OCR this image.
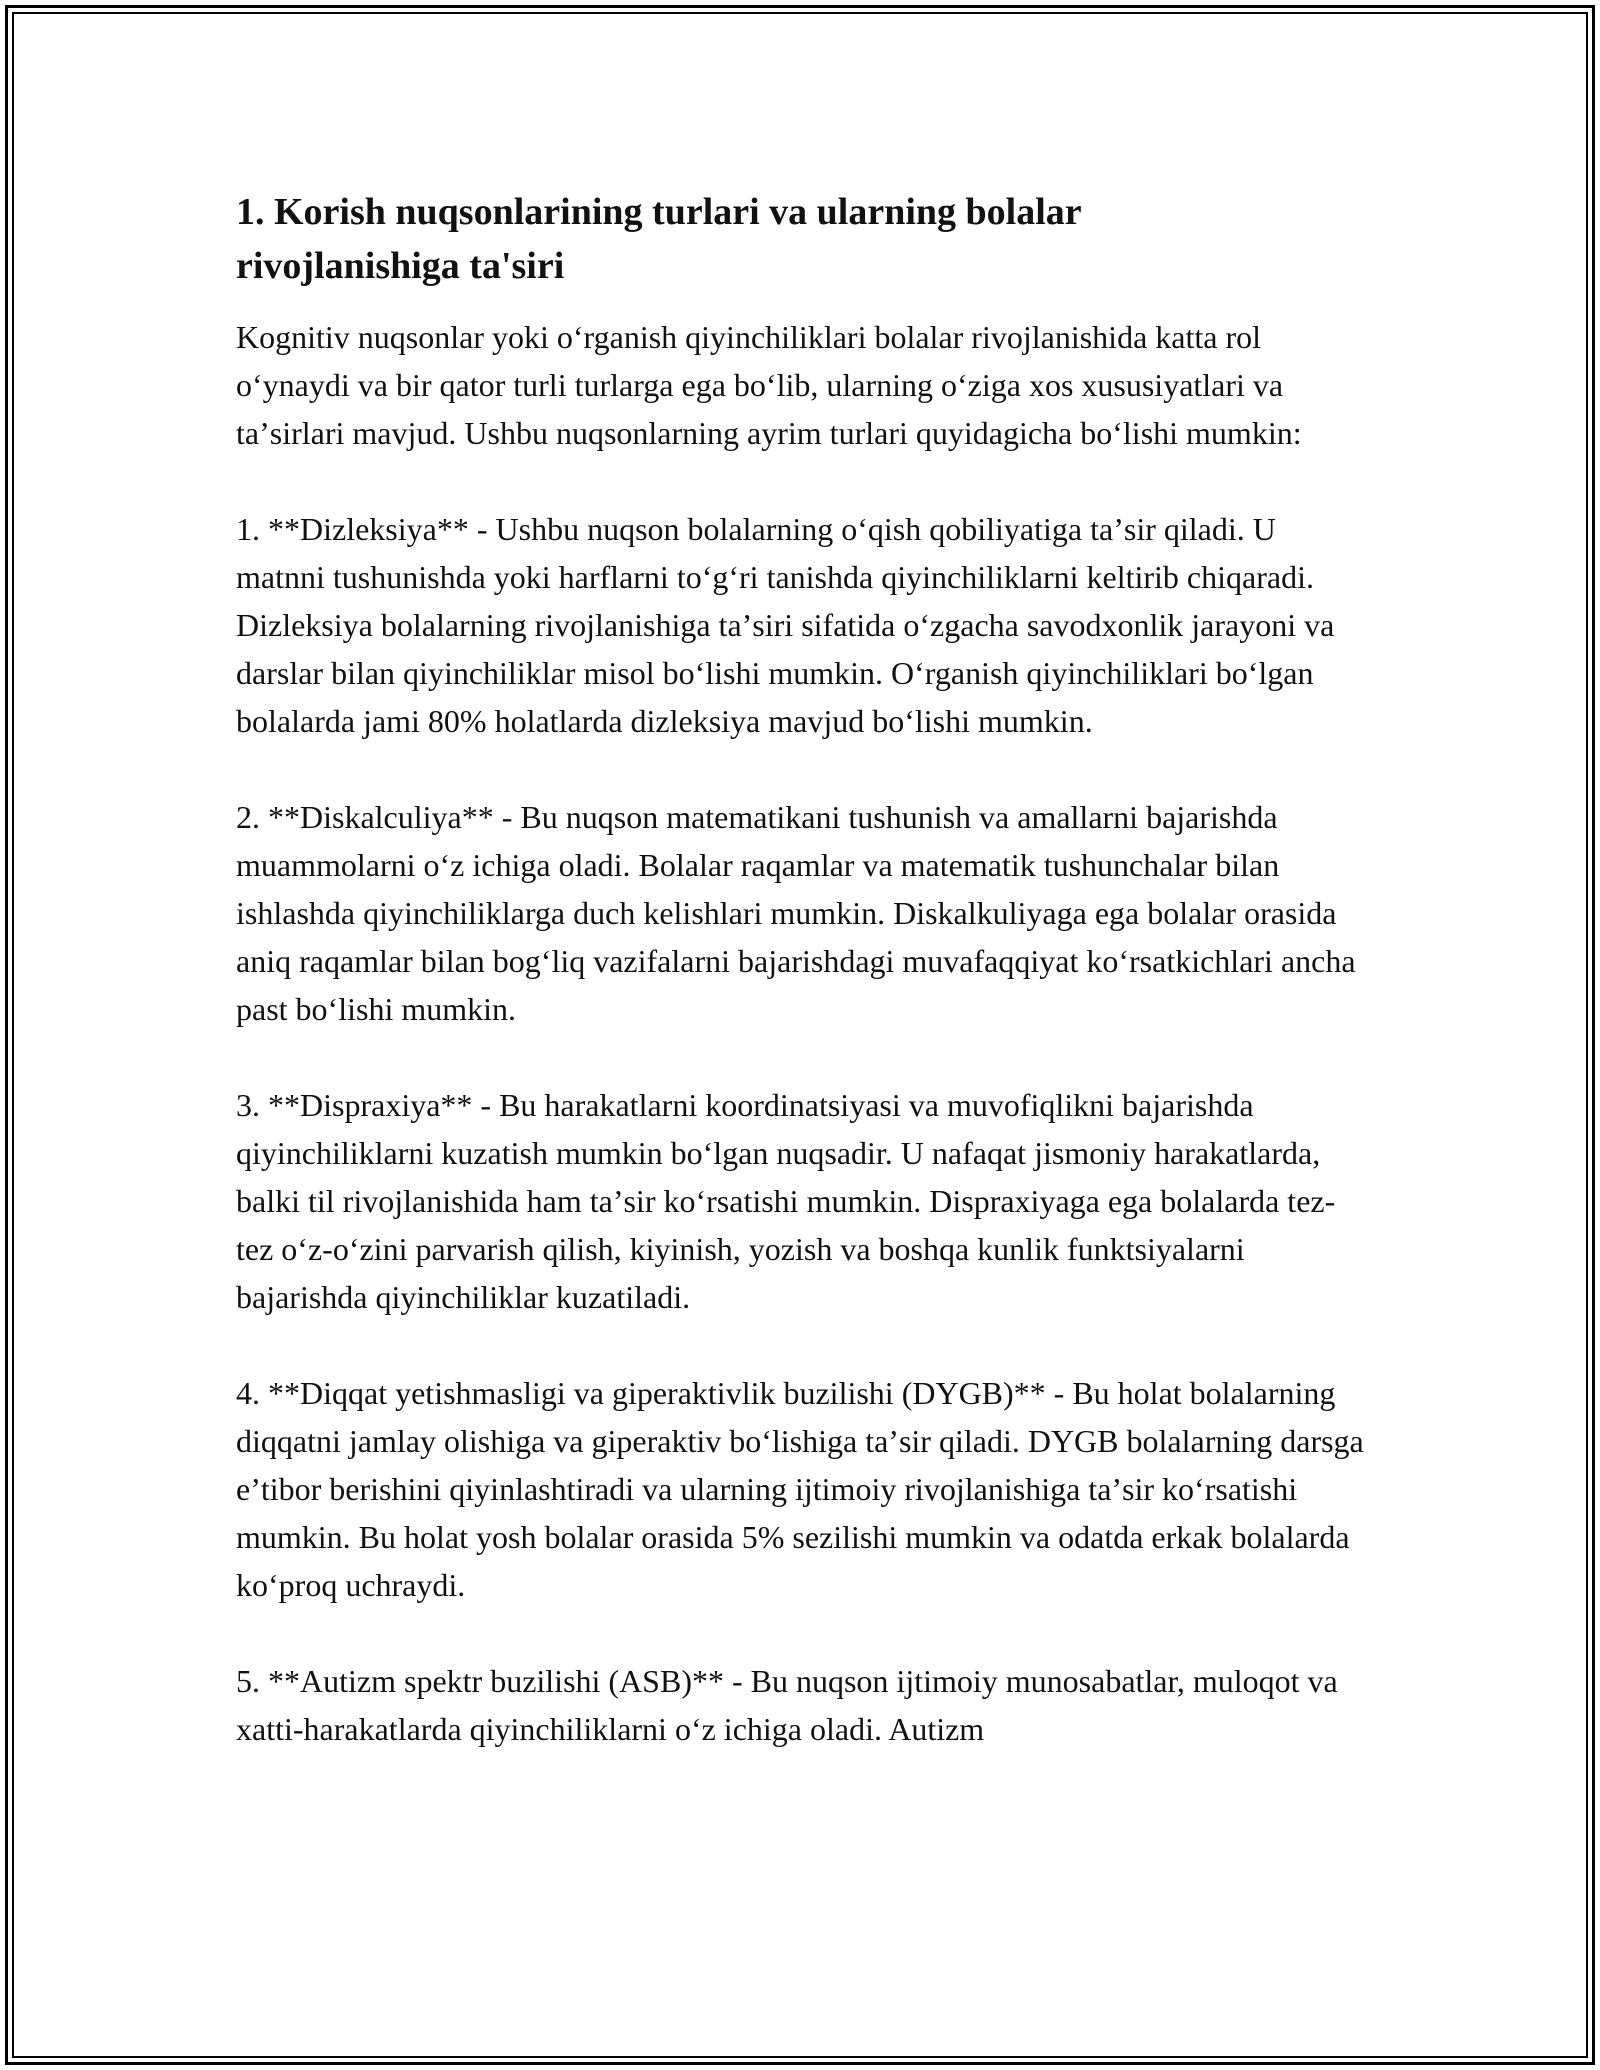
1. Korish nuqsonlarining turlari va ularning bolalar rivojlanishiga ta'siri

Kognitiv nuqsonlar yoki oʻrganish qiyinchiliklari bolalar rivojlanishida katta rol oʻynaydi va bir qator turli turlarga ega boʻlib, ularning oʻziga xos xususiyatlari va taʼsirlari mavjud. Ushbu nuqsonlarning ayrim turlari quyidagicha boʻlishi mumkin:

1. **Dizleksiya** - Ushbu nuqson bolalarning oʻqish qobiliyatiga taʼsir qiladi. U matnni tushunishda yoki harflarni toʻgʻri tanishda qiyinchiliklarni keltirib chiqaradi. Dizleksiya bolalarning rivojlanishiga taʼsiri sifatida oʻzgacha savodxonlik jarayoni va darslar bilan qiyinchiliklar misol boʻlishi mumkin. Oʻrganish qiyinchiliklari boʻlgan bolalarda jami 80% holatlarda dizleksiya mavjud boʻlishi mumkin.

2. **Diskalculiya** - Bu nuqson matematikani tushunish va amallarni bajarishda muammolarni oʻz ichiga oladi. Bolalar raqamlar va matematik tushunchalar bilan ishlashda qiyinchiliklarga duch kelishlari mumkin. Diskalkuliyaga ega bolalar orasida aniq raqamlar bilan bogʻliq vazifalarni bajarishdagi muvafaqqiyat koʻrsatkichlari ancha past boʻlishi mumkin.

3. **Dispraxiya** - Bu harakatlarni koordinatsiyasi va muvofiqlikni bajarishda qiyinchiliklarni kuzatish mumkin boʻlgan nuqsadir. U nafaqat jismoniy harakatlarda, balki til rivojlanishida ham taʼsir koʻrsatishi mumkin. Dispraxiyaga ega bolalarda tez-tez oʻz-oʻzini parvarish qilish, kiyinish, yozish va boshqa kunlik funktsiyalarni bajarishda qiyinchiliklar kuzatiladi.

4. **Diqqat yetishmasligi va giperaktivlik buzilishi (DYGB)** - Bu holat bolalarning diqqatni jamlay olishiga va giperaktiv boʻlishiga taʼsir qiladi. DYGB bolalarning darsga eʼtibor berishini qiyinlashtiradi va ularning ijtimoiy rivojlanishiga taʼsir koʻrsatishi mumkin. Bu holat yosh bolalar orasida 5% sezilishi mumkin va odatda erkak bolalarda koʻproq uchraydi.

5. **Autizm spektr buzilishi (ASB)** - Bu nuqson ijtimoiy munosabatlar, muloqot va xatti-harakatlarda qiyinchiliklarni oʻz ichiga oladi. Autizm
